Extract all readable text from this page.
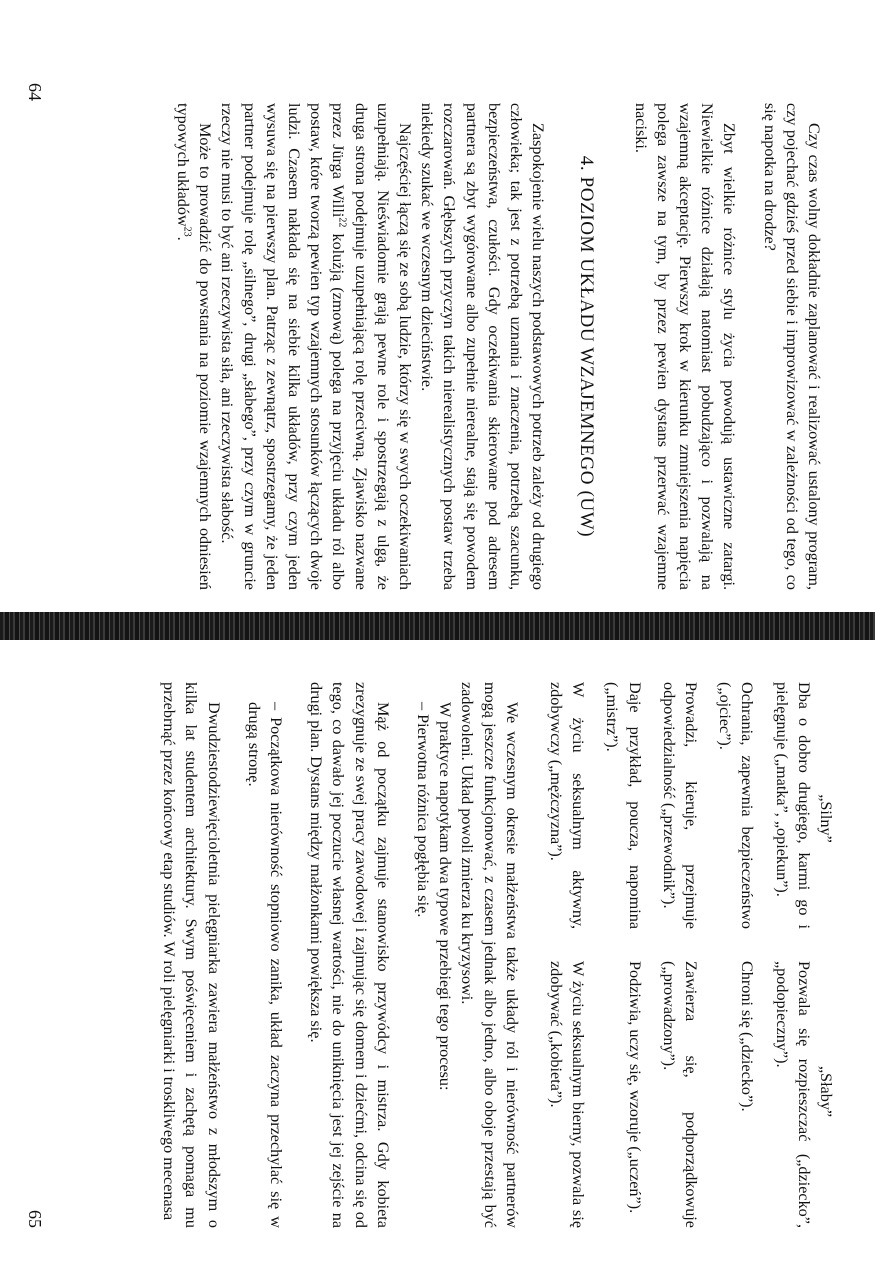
Czy czas wolny dokładnie zaplanować i realizować ustalony program, czy pojechać gdzieś przed siebie i improwizować w zależności od tego, co się napotka na drodze?

Zbyt wielkie różnice stylu życia powodują ustawiczne zatargi. Niewielkie różnice działają natomiast pobudzająco i pozwalają na wzajemną akceptację. Pierwszy krok w kierunku zmniejszenia napięcia polega zawsze na tym, by przez pewien dystans przerwać wzajemne naciski.

4. POZIOM UKŁADU WZAJEMNEGO (UW)

Zaspokojenie wielu naszych podstawowych potrzeb zależy od drugiego człowieka; tak jest z potrzebą uznania i znaczenia, potrzebą szacunku, bezpieczeństwa, czułości. Gdy oczekiwania skierowane pod adresem partnera są zbyt wygórowane albo zupełnie nierealne, stają się powodem rozczarowań. Głębszych przyczyn takich nierealistycznych postaw trzeba niekiedy szukać we wczesnym dzieciństwie.

Najczęściej łączą się ze sobą ludzie, którzy się w swych oczekiwaniach uzupełniają. Nieświadomie grają pewne role i spostrzegają z ulgą, że druga strona podejmuje uzupełniającą rolę przeciwną. Zjawisko nazwane przez Jürga Willi$^{22}$ kolużją (zmową) polega na przyjęciu układu ról albo postaw, które tworzą pewien typ wzajemnych stosunków łączących dwoje ludzi. Czasem nakłada się na siebie kilka układów, przy czym jeden wysuwa się na pierwszy plan. Patrząc z zewnątrz, spostrzegamy, że jeden partner podejmuje rolę „silnego”, drugi „słabego”, przy czym w gruncie rzeczy nie musi to być ani rzeczywista siła, ani rzeczywista słabość.

Może to prowadzić do powstania na poziomie wzajemnych odniesień typowych układów$^{23}$.

64
„Silny”	„Słaby”
Dba o dobro drugiego, karmi go i pielęgnuje („matka”, „opiekun”).	Pozwala się rozpieszczać („dziecko”, „podopieczny”).
Ochrania, zapewnia bezpieczeństwo („ojciec”).	Chroni się („dziecko”).
Prowadzi, kieruje, przejmuje odpowiedzialność („przewodnik”).	Zawierza się, podporządkowuje („prowadzony”).
Daje przykład, poucza, napomina („mistrz”).	Podziwia, uczy się, wzoruje („uczeń”).
W życiu seksualnym aktywny, zdobywczy („mężczyzna”).	W życiu seksualnym bierny, pozwala się zdobywać („kobieta”).

We wczesnym okresie małżeństwa także układy ról i nierówność partnerów mogą jeszcze funkcjonować, z czasem jednak albo jedno, albo oboje przestają być zadowoleni. Układ powoli zmierza ku kryzysowi.

W praktyce napotykam dwa typowe przebiegi tego procesu:

– Pierwotna różnica pogłębia się.

Mąż od początku zajmuje stanowisko przywódcy i mistrza. Gdy kobieta zrezygnuje ze swej pracy zawodowej i zajmując się domem i dziećmi, odcina się od tego, co dawało jej poczucie własnej wartości, nie do uniknięcia jest jej zejście na drugi plan. Dystans między małżonkami powiększa się.

– Początkowa nierówność stopniowo zanika, układ zaczyna przechylać się w drugą stronę.

Dwudziestodziewięcioletnia pielęgniarka zawiera małżeństwo z młodszym o kilka lat studentem architektury. Swym poświęceniem i zachętą pomaga mu przebrnąć przez końcowy etap studiów. W roli pielęgniarki i troskliwego mecenasa

65
